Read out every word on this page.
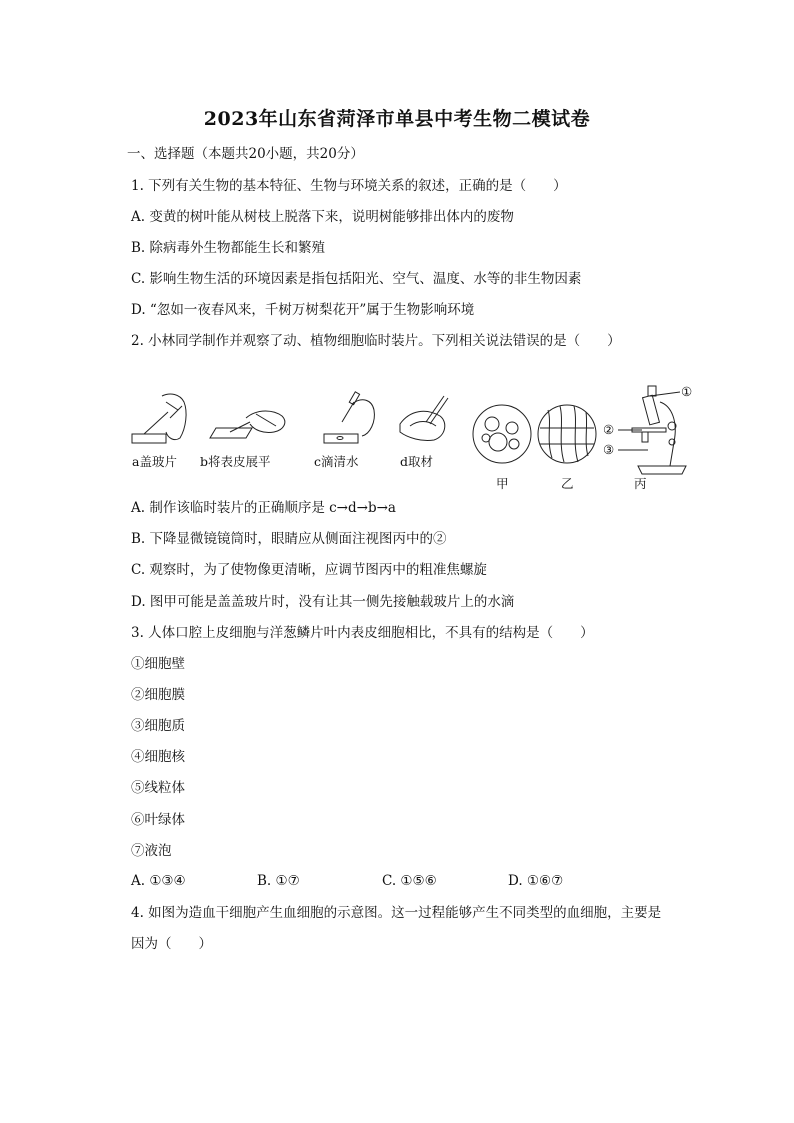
2023年山东省菏泽市单县中考生物二模试卷
一、选择题（本题共20小题，共20分）
1. 下列有关生物的基本特征、生物与环境关系的叙述，正确的是（　　）
A. 变黄的树叶能从树枝上脱落下来，说明树能够排出体内的废物
B. 除病毒外生物都能生长和繁殖
C. 影响生物生活的环境因素是指包括阳光、空气、温度、水等的非生物因素
D. “忽如一夜春风来，千树万树梨花开”属于生物影响环境
2. 小林同学制作并观察了动、植物细胞临时装片。下列相关说法错误的是（　　）
a盖玻片 b将表皮展平	c滴清水	d取材
甲	乙	丙
①
②
③
A. 制作该临时装片的正确顺序是 c→d→b→a
B. 下降显微镜镜筒时，眼睛应从侧面注视图丙中的②
C. 观察时，为了使物像更清晰，应调节图丙中的粗准焦螺旋
D. 图甲可能是盖盖玻片时，没有让其一侧先接触载玻片上的水滴
3. 人体口腔上皮细胞与洋葱鳞片叶内表皮细胞相比，不具有的结构是（　　）
①细胞壁
②细胞膜
③细胞质
④细胞核
⑤线粒体
⑥叶绿体
⑦液泡
A. ①③④	B. ①⑦	C. ①⑤⑥	D. ①⑥⑦
4. 如图为造血干细胞产生血细胞的示意图。这一过程能够产生不同类型的血细胞，主要是
因为（　　）
